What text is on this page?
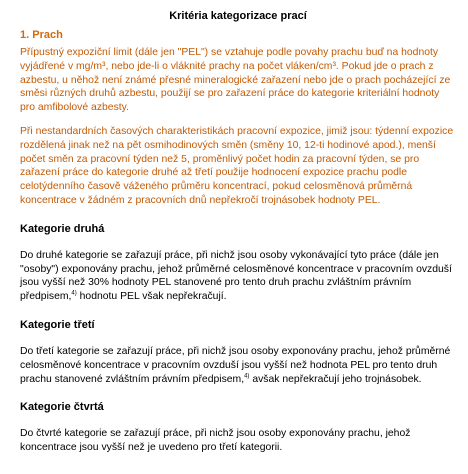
Kritéria kategorizace prací
1. Prach

Přípustný expoziční limit (dále jen "PEL") se vztahuje podle povahy prachu buď na hodnoty vyjádřené v mg/m³, nebo jde-li o vláknité prachy na počet vláken/cm³. Pokud jde o prach z azbestu, u něhož není známé přesné mineralogické zařazení nebo jde o prach pocházející ze směsi různých druhů azbestu, použijí se pro zařazení práce do kategorie kriteriální hodnoty pro amfibolové azbesty.

Při nestandardních časových charakteristikách pracovní expozice, jimiž jsou: týdenní expozice rozdělená jinak než na pět osmihodinových směn (směny 10, 12-ti hodinové apod.), menší počet směn za pracovní týden než 5, proměnlivý počet hodin za pracovní týden, se pro zařazení práce do kategorie druhé až třetí použije hodnocení expozice prachu podle celotýdenního časově váženého průměru koncentrací, pokud celosměnová průměrná koncentrace v žádném z pracovních dnů nepřekročí trojnásobek hodnoty PEL.

Kategorie druhá

Do druhé kategorie se zařazují práce, při nichž jsou osoby vykonávající tyto práce (dále jen "osoby") exponovány prachu, jehož průměrné celosměnové koncentrace v pracovním ovzduší jsou vyšší než 30% hodnoty PEL stanovené pro tento druh prachu zvláštním právním předpisem,$^{4)}$ hodnotu PEL však nepřekračují.

Kategorie třetí

Do třetí kategorie se zařazují práce, při nichž jsou osoby exponovány prachu, jehož průměrné celosměnové koncentrace v pracovním ovzduší jsou vyšší než hodnota PEL pro tento druh prachu stanovené zvláštním právním předpisem,$^{4)}$ avšak nepřekračují jeho trojnásobek.

Kategorie čtvrtá

Do čtvrté kategorie se zařazují práce, při nichž jsou osoby exponovány prachu, jehož koncentrace jsou vyšší než je uvedeno pro třetí kategorii.
